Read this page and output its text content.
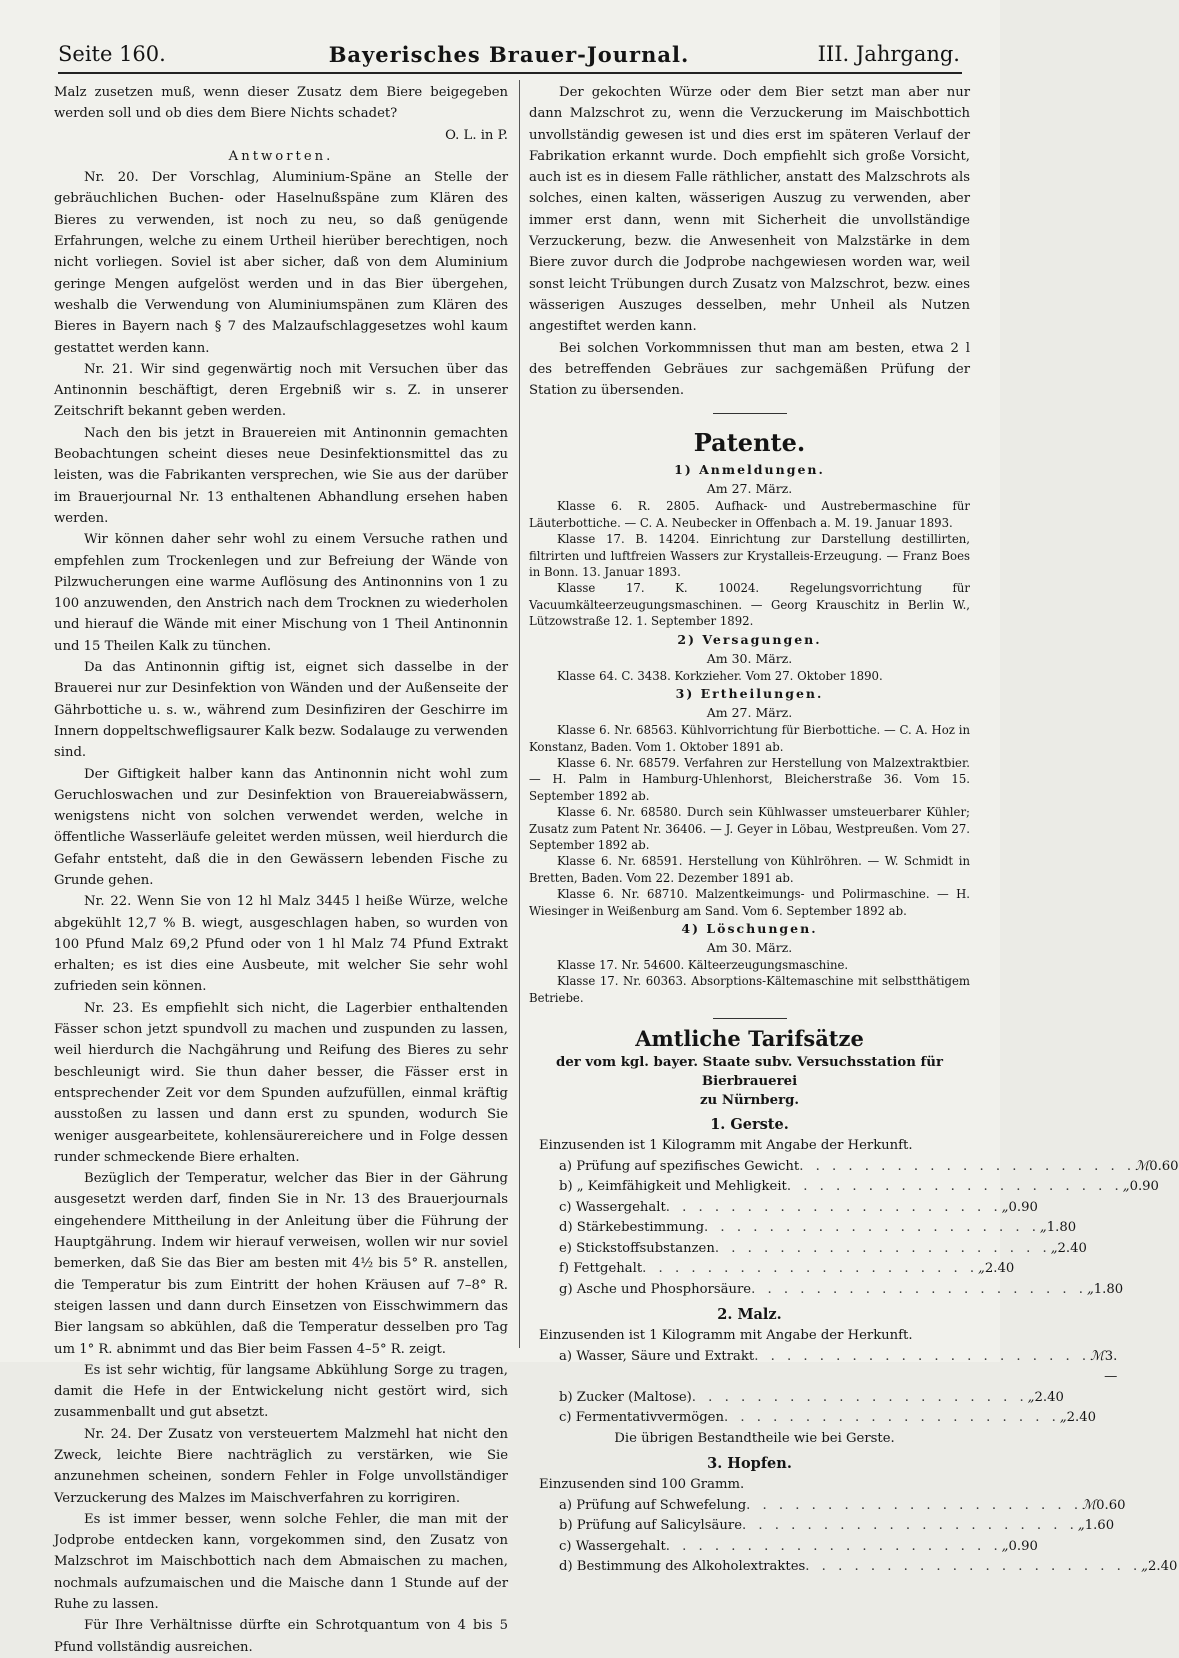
Seite 160.	Bayerisches Brauer-Journal.	III. Jahrgang.

Malz zusetzen muß, wenn dieser Zusatz dem Biere beigegeben werden soll und ob dies dem Biere Nichts schadet?

O. L. in P.

Antworten.

Nr. 20. Der Vorschlag, Aluminium-Späne an Stelle der gebräuchlichen Buchen- oder Haselnußspäne zum Klären des Bieres zu verwenden, ist noch zu neu, so daß genügende Erfahrungen, welche zu einem Urtheil hierüber berechtigen, noch nicht vorliegen. Soviel ist aber sicher, daß von dem Aluminium geringe Mengen aufgelöst werden und in das Bier übergehen, weshalb die Verwendung von Aluminiumspänen zum Klären des Bieres in Bayern nach § 7 des Malzaufschlaggesetzes wohl kaum gestattet werden kann.

Nr. 21. Wir sind gegenwärtig noch mit Versuchen über das Antinonnin beschäftigt, deren Ergebniß wir s. Z. in unserer Zeitschrift bekannt geben werden.

Nach den bis jetzt in Brauereien mit Antinonnin gemachten Beobachtungen scheint dieses neue Desinfektionsmittel das zu leisten, was die Fabrikanten versprechen, wie Sie aus der darüber im Brauerjournal Nr. 13 enthaltenen Abhandlung ersehen haben werden.

Wir können daher sehr wohl zu einem Versuche rathen und empfehlen zum Trockenlegen und zur Befreiung der Wände von Pilzwucherungen eine warme Auflösung des Antinonnins von 1 zu 100 anzuwenden, den Anstrich nach dem Trocknen zu wiederholen und hierauf die Wände mit einer Mischung von 1 Theil Antinonnin und 15 Theilen Kalk zu tünchen.

Da das Antinonnin giftig ist, eignet sich dasselbe in der Brauerei nur zur Desinfektion von Wänden und der Außenseite der Gährbottiche u. s. w., während zum Desinfiziren der Geschirre im Innern doppeltschwefligsaurer Kalk bezw. Sodalauge zu verwenden sind.

Der Giftigkeit halber kann das Antinonnin nicht wohl zum Geruchloswachen und zur Desinfektion von Brauereiabwässern, wenigstens nicht von solchen verwendet werden, welche in öffentliche Wasserläufe geleitet werden müssen, weil hierdurch die Gefahr entsteht, daß die in den Gewässern lebenden Fische zu Grunde gehen.

Nr. 22. Wenn Sie von 12 hl Malz 3445 l heiße Würze, welche abgekühlt 12,7 % B. wiegt, ausgeschlagen haben, so wurden von 100 Pfund Malz 69,2 Pfund oder von 1 hl Malz 74 Pfund Extrakt erhalten; es ist dies eine Ausbeute, mit welcher Sie sehr wohl zufrieden sein können.

Nr. 23. Es empfiehlt sich nicht, die Lagerbier enthaltenden Fässer schon jetzt spundvoll zu machen und zuspunden zu lassen, weil hierdurch die Nachgährung und Reifung des Bieres zu sehr beschleunigt wird. Sie thun daher besser, die Fässer erst in entsprechender Zeit vor dem Spunden aufzufüllen, einmal kräftig ausstoßen zu lassen und dann erst zu spunden, wodurch Sie weniger ausgearbeitete, kohlensäurereichere und in Folge dessen runder schmeckende Biere erhalten.

Bezüglich der Temperatur, welcher das Bier in der Gährung ausgesetzt werden darf, finden Sie in Nr. 13 des Brauerjournals eingehendere Mittheilung in der Anleitung über die Führung der Hauptgährung. Indem wir hierauf verweisen, wollen wir nur soviel bemerken, daß Sie das Bier am besten mit 4½ bis 5° R. anstellen, die Temperatur bis zum Eintritt der hohen Kräusen auf 7–8° R. steigen lassen und dann durch Einsetzen von Eisschwimmern das Bier langsam so abkühlen, daß die Temperatur desselben pro Tag um 1° R. abnimmt und das Bier beim Fassen 4–5° R. zeigt.

Es ist sehr wichtig, für langsame Abkühlung Sorge zu tragen, damit die Hefe in der Entwickelung nicht gestört wird, sich zusammenballt und gut absetzt.

Nr. 24. Der Zusatz von versteuertem Malzmehl hat nicht den Zweck, leichte Biere nachträglich zu verstärken, wie Sie anzunehmen scheinen, sondern Fehler in Folge unvollständiger Verzuckerung des Malzes im Maischverfahren zu korrigiren.

Es ist immer besser, wenn solche Fehler, die man mit der Jodprobe entdecken kann, vorgekommen sind, den Zusatz von Malzschrot im Maischbottich nach dem Abmaischen zu machen, nochmals aufzumaischen und die Maische dann 1 Stunde auf der Ruhe zu lassen.

Für Ihre Verhältnisse dürfte ein Schrotquantum von 4 bis 5 Pfund vollständig ausreichen.

Der gekochten Würze oder dem Bier setzt man aber nur dann Malzschrot zu, wenn die Verzuckerung im Maischbottich unvollständig gewesen ist und dies erst im späteren Verlauf der Fabrikation erkannt wurde. Doch empfiehlt sich große Vorsicht, auch ist es in diesem Falle räthlicher, anstatt des Malzschrots als solches, einen kalten, wässerigen Auszug zu verwenden, aber immer erst dann, wenn mit Sicherheit die unvollständige Verzuckerung, bezw. die Anwesenheit von Malzstärke in dem Biere zuvor durch die Jodprobe nachgewiesen worden war, weil sonst leicht Trübungen durch Zusatz von Malzschrot, bezw. eines wässerigen Auszuges desselben, mehr Unheil als Nutzen angestiftet werden kann.

Bei solchen Vorkommnissen thut man am besten, etwa 2 l des betreffenden Gebräues zur sachgemäßen Prüfung der Station zu übersenden.

Patente.
1) Anmeldungen.
Am 27. März.

Klasse 6. R. 2805. Aufhack- und Austrebermaschine für Läuterbottiche. — C. A. Neubecker in Offenbach a. M. 19. Januar 1893.

Klasse 17. B. 14204. Einrichtung zur Darstellung destillirten, filtrirten und luftfreien Wassers zur Krystalleis-Erzeugung. — Franz Boes in Bonn. 13. Januar 1893.

Klasse 17. K. 10024. Regelungsvorrichtung für Vacuumkälteerzeugungsmaschinen. — Georg Krauschitz in Berlin W., Lützowstraße 12. 1. September 1892.

2) Versagungen.
Am 30. März.

Klasse 64. C. 3438. Korkzieher. Vom 27. Oktober 1890.

3) Ertheilungen.
Am 27. März.

Klasse 6. Nr. 68563. Kühlvorrichtung für Bierbottiche. — C. A. Hoz in Konstanz, Baden. Vom 1. Oktober 1891 ab.

Klasse 6. Nr. 68579. Verfahren zur Herstellung von Malzextraktbier. — H. Palm in Hamburg-Uhlenhorst, Bleicherstraße 36. Vom 15. September 1892 ab.

Klasse 6. Nr. 68580. Durch sein Kühlwasser umsteuerbarer Kühler; Zusatz zum Patent Nr. 36406. — J. Geyer in Löbau, Westpreußen. Vom 27. September 1892 ab.

Klasse 6. Nr. 68591. Herstellung von Kühlröhren. — W. Schmidt in Bretten, Baden. Vom 22. Dezember 1891 ab.

Klasse 6. Nr. 68710. Malzentkeimungs- und Polirmaschine. — H. Wiesinger in Weißenburg am Sand. Vom 6. September 1892 ab.

4) Löschungen.
Am 30. März.

Klasse 17. Nr. 54600. Kälteerzeugungsmaschine.

Klasse 17. Nr. 60363. Absorptions-Kältemaschine mit selbstthätigem Betriebe.

Amtliche Tarifsätze
der vom kgl. bayer. Staate subv. Versuchsstation für Bierbrauerei
zu Nürnberg.
1. Gerste.
Einzusenden ist 1 Kilogramm mit Angabe der Herkunft.
a) Prüfung auf spezifisches Gewicht . . . . . . . . . . . . . . . . . . . . . ℳ 0.60
b) „ Keimfähigkeit und Mehligkeit . . . . . . . . . . . . . . . . . . . . . „ 0.90
c) Wassergehalt . . . . . . . . . . . . . . . . . . . . . „ 0.90
d) Stärkebestimmung . . . . . . . . . . . . . . . . . . . . . „ 1.80
e) Stickstoffsubstanzen . . . . . . . . . . . . . . . . . . . . . „ 2.40
f) Fettgehalt . . . . . . . . . . . . . . . . . . . . . „ 2.40
g) Asche und Phosphorsäure . . . . . . . . . . . . . . . . . . . . . „ 1.80
2. Malz.
Einzusenden ist 1 Kilogramm mit Angabe der Herkunft.
a) Wasser, Säure und Extrakt . . . . . . . . . . . . . . . . . . . . . ℳ 3.—
b) Zucker (Maltose) . . . . . . . . . . . . . . . . . . . . . „ 2.40
c) Fermentativvermögen . . . . . . . . . . . . . . . . . . . . . „ 2.40
Die übrigen Bestandtheile wie bei Gerste.
3. Hopfen.
Einzusenden sind 100 Gramm.
a) Prüfung auf Schwefelung . . . . . . . . . . . . . . . . . . . . . ℳ 0.60
b) Prüfung auf Salicylsäure . . . . . . . . . . . . . . . . . . . . . „ 1.60
c) Wassergehalt . . . . . . . . . . . . . . . . . . . . . „ 0.90
d) Bestimmung des Alkoholextraktes . . . . . . . . . . . . . . . . . . . . . „ 2.40
